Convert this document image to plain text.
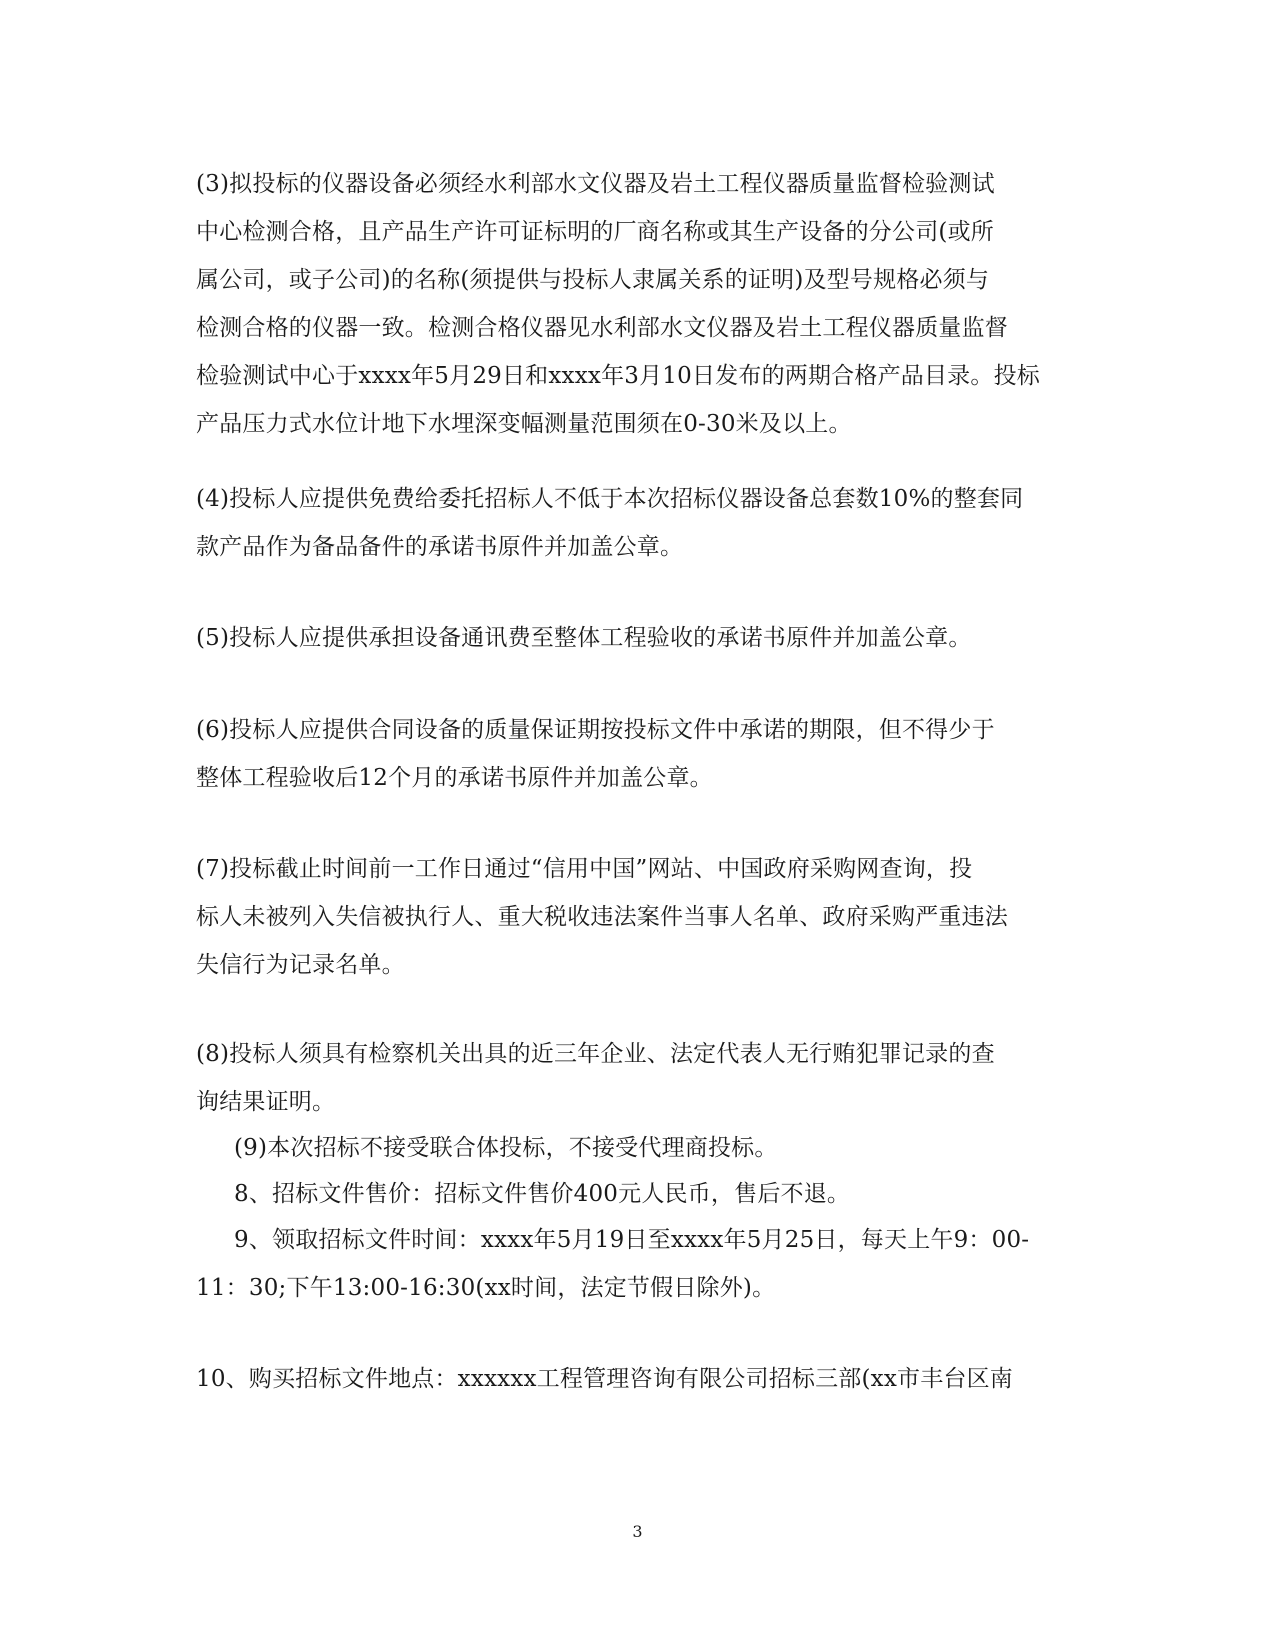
(3)拟投标的仪器设备必须经水利部水文仪器及岩土工程仪器质量监督检验测试
中心检测合格，且产品生产许可证标明的厂商名称或其生产设备的分公司(或所
属公司，或子公司)的名称(须提供与投标人隶属关系的证明)及型号规格必须与
检测合格的仪器一致。检测合格仪器见水利部水文仪器及岩土工程仪器质量监督
检验测试中心于xxxx年5月29日和xxxx年3月10日发布的两期合格产品目录。投标
产品压力式水位计地下水埋深变幅测量范围须在0-30米及以上。
(4)投标人应提供免费给委托招标人不低于本次招标仪器设备总套数10%的整套同
款产品作为备品备件的承诺书原件并加盖公章。
(5)投标人应提供承担设备通讯费至整体工程验收的承诺书原件并加盖公章。
(6)投标人应提供合同设备的质量保证期按投标文件中承诺的期限，但不得少于
整体工程验收后12个月的承诺书原件并加盖公章。
(7)投标截止时间前一工作日通过“信用中国”网站、中国政府采购网查询，投
标人未被列入失信被执行人、重大税收违法案件当事人名单、政府采购严重违法
失信行为记录名单。
(8)投标人须具有检察机关出具的近三年企业、法定代表人无行贿犯罪记录的查
询结果证明。
(9)本次招标不接受联合体投标，不接受代理商投标。
8、招标文件售价：招标文件售价400元人民币，售后不退。
9、领取招标文件时间：xxxx年5月19日至xxxx年5月25日，每天上午9：00-
11：30;下午13:00-16:30(xx时间，法定节假日除外)。
10、购买招标文件地点：xxxxxx工程管理咨询有限公司招标三部(xx市丰台区南
3
